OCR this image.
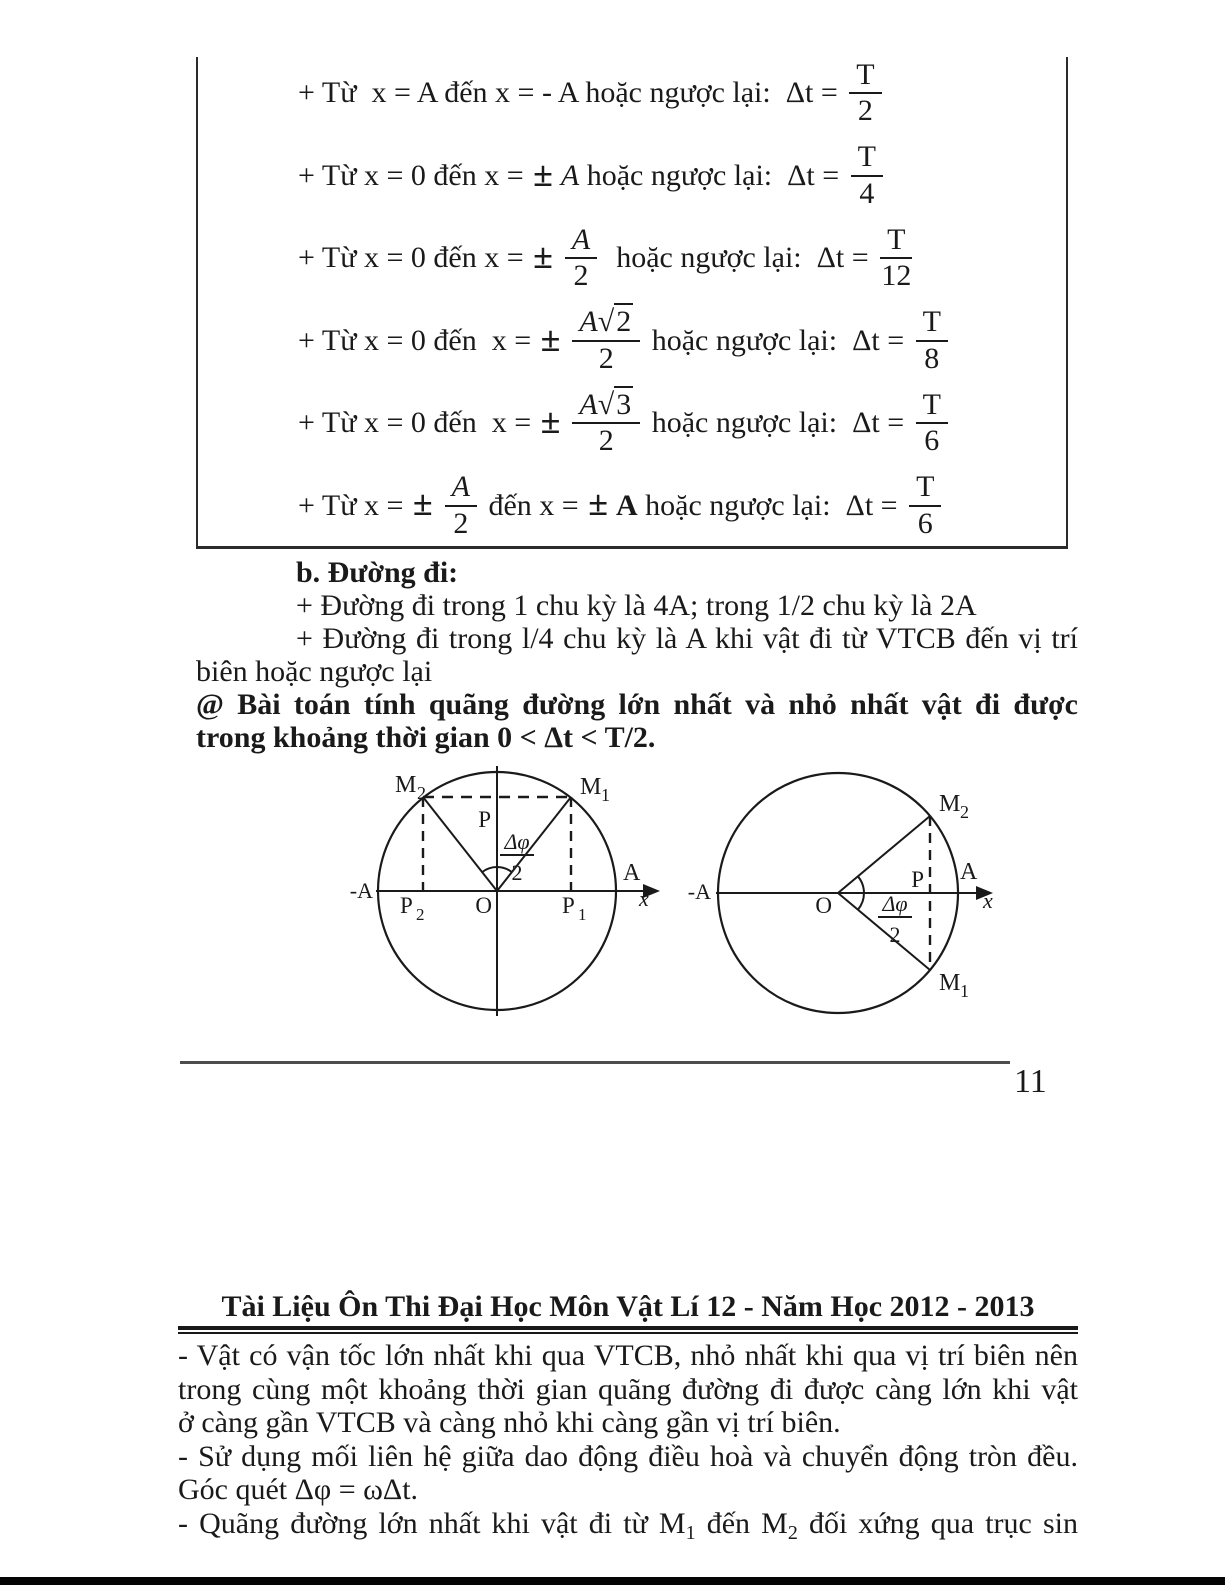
+ Từ  x = A đến x = - A hoặc ngược lại:  $\Delta t = \frac{T}{2}$
+ Từ x = 0 đến x = ± A hoặc ngược lại:  $\Delta t = \frac{T}{4}$
+ Từ x = 0 đến x = ± $\frac{A}{2}$ hoặc ngược lại:  $\Delta t = \frac{T}{12}$
+ Từ x = 0 đến  x = ± $\frac{A√2}{2}$ hoặc ngược lại:  $\Delta t = \frac{T}{8}$
+ Từ x = 0 đến  x = ± $\frac{A√3}{2}$ hoặc ngược lại:  $\Delta t = \frac{T}{6}$
+ Từ x = ± $\frac{A}{2}$ đến x = ± A hoặc ngược lại:  $\Delta t = \frac{T}{6}$
b. Đường đi:
+ Đường đi trong 1 chu kỳ là 4A; trong 1/2 chu kỳ là 2A
+ Đường đi trong l/4 chu kỳ là A khi vật đi từ VTCB đến vị trí
biên hoặc ngược lại
@ Bài toán tính quãng đường lớn nhất và nhỏ nhất vật đi được
trong khoảng thời gian 0 < Δt < T/2.
M 2	M 1
P
Δφ
2
-A
A
x
P 2 O	P 1
M 2
M 1
P
Δφ
2
-A
A
x
O
11
Tài Liệu Ôn Thi Đại Học Môn Vật Lí 12 - Năm Học 2012 - 2013
- Vật có vận tốc lớn nhất khi qua VTCB, nhỏ nhất khi qua vị trí biên nên
trong cùng một khoảng thời gian quãng đường đi được càng lớn khi vật
ở càng gần VTCB và càng nhỏ khi càng gần vị trí biên.
- Sử dụng mối liên hệ giữa dao động điều hoà và chuyển động tròn đều.
Góc quét Δφ = ωΔt.
- Quãng đường lớn nhất khi vật đi từ $M_1$ đến $M_2$ đối xứng qua trục sin
